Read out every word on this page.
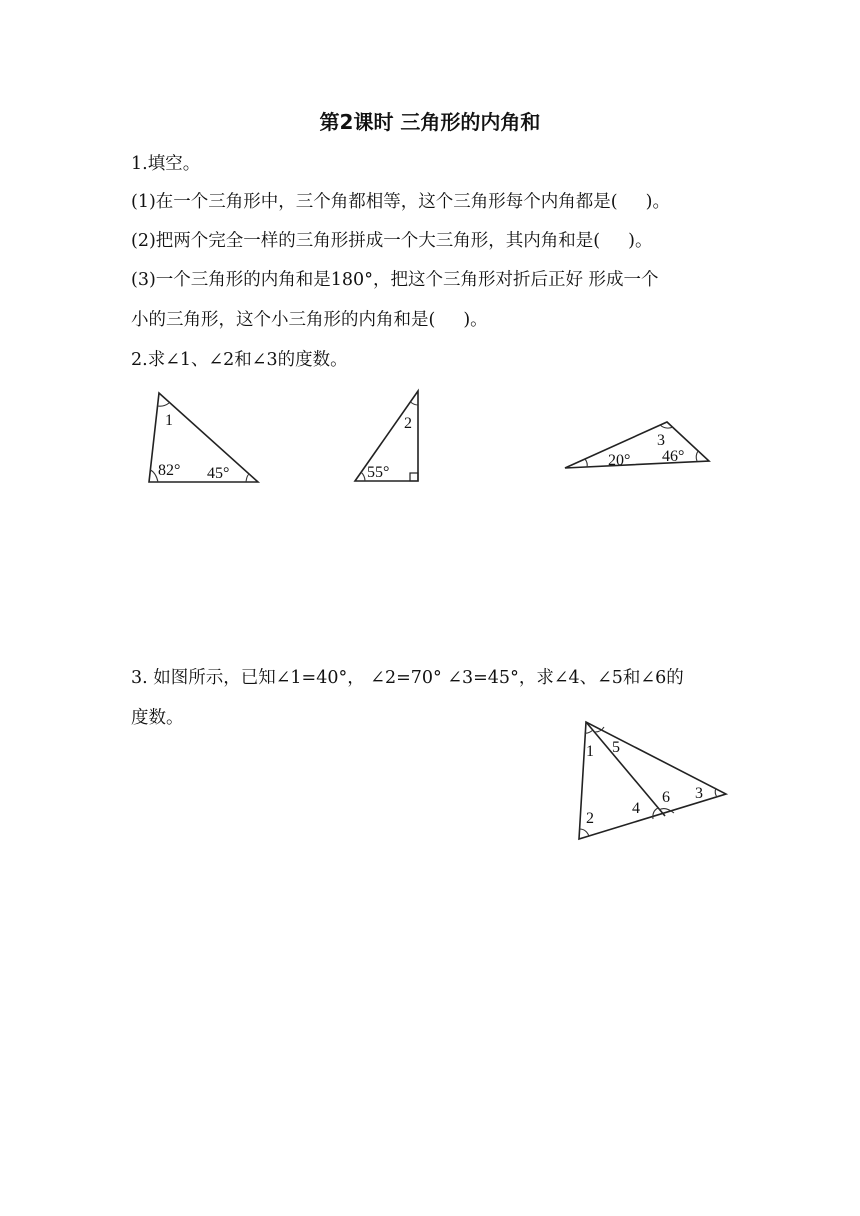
第2课时 三角形的内角和
1.填空。
(1)在一个三角形中，三个角都相等，这个三角形每个内角都是( )。
(2)把两个完全一样的三角形拼成一个大三角形，其内角和是( )。
(3)一个三角形的内角和是180°，把这个三角形对折后正好 形成一个
小的三角形，这个小三角形的内角和是( )。
2.求∠1、∠2和∠3的度数。
1
82° 45°
2
55°
3
20° 46°
3. 如图所示，已知∠1=40°， ∠2=70° ∠3=45°，求∠4、∠5和∠6的
度数。
1 5
2
4
6 3
